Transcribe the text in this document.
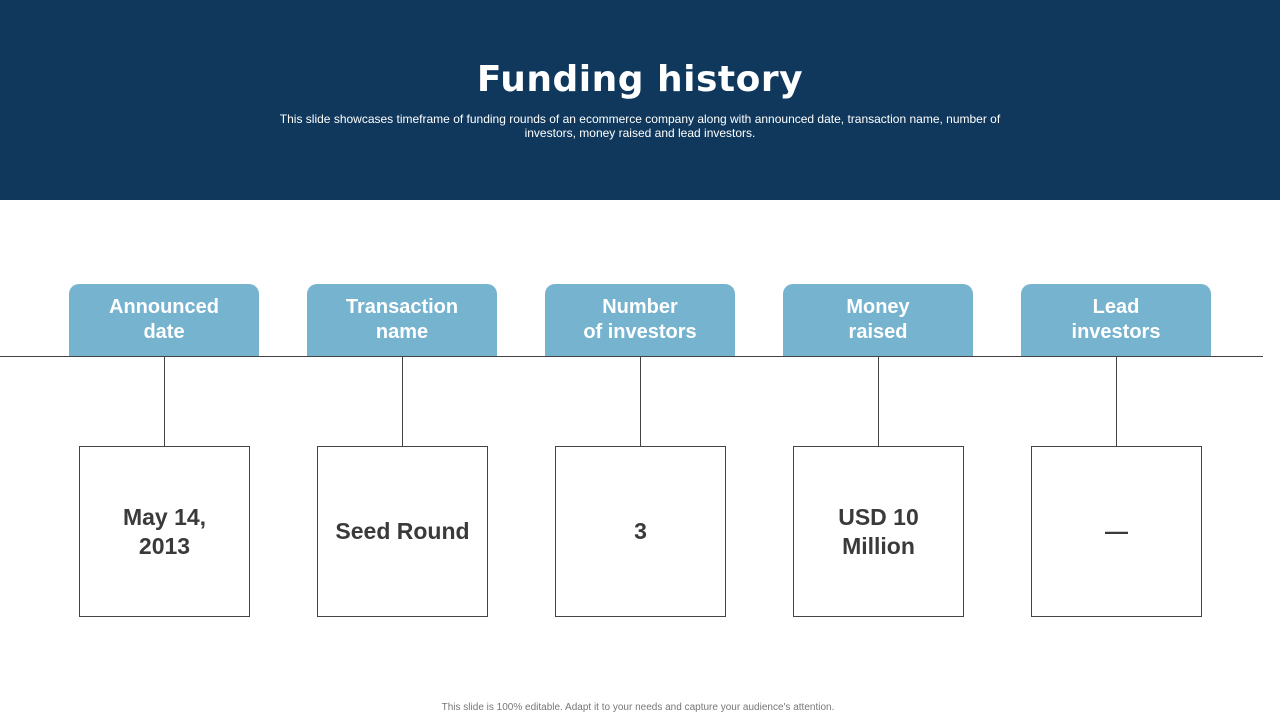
Funding history
This slide showcases timeframe of funding rounds of an ecommerce company along with announced date, transaction name, number of investors, money raised and lead investors.
Announced
date
May 14,
2013
Transaction
name
Seed Round
Number
of investors
3
Money
raised
USD 10
Million
Lead
investors
—
This slide is 100% editable. Adapt it to your needs and capture your audience's attention.
